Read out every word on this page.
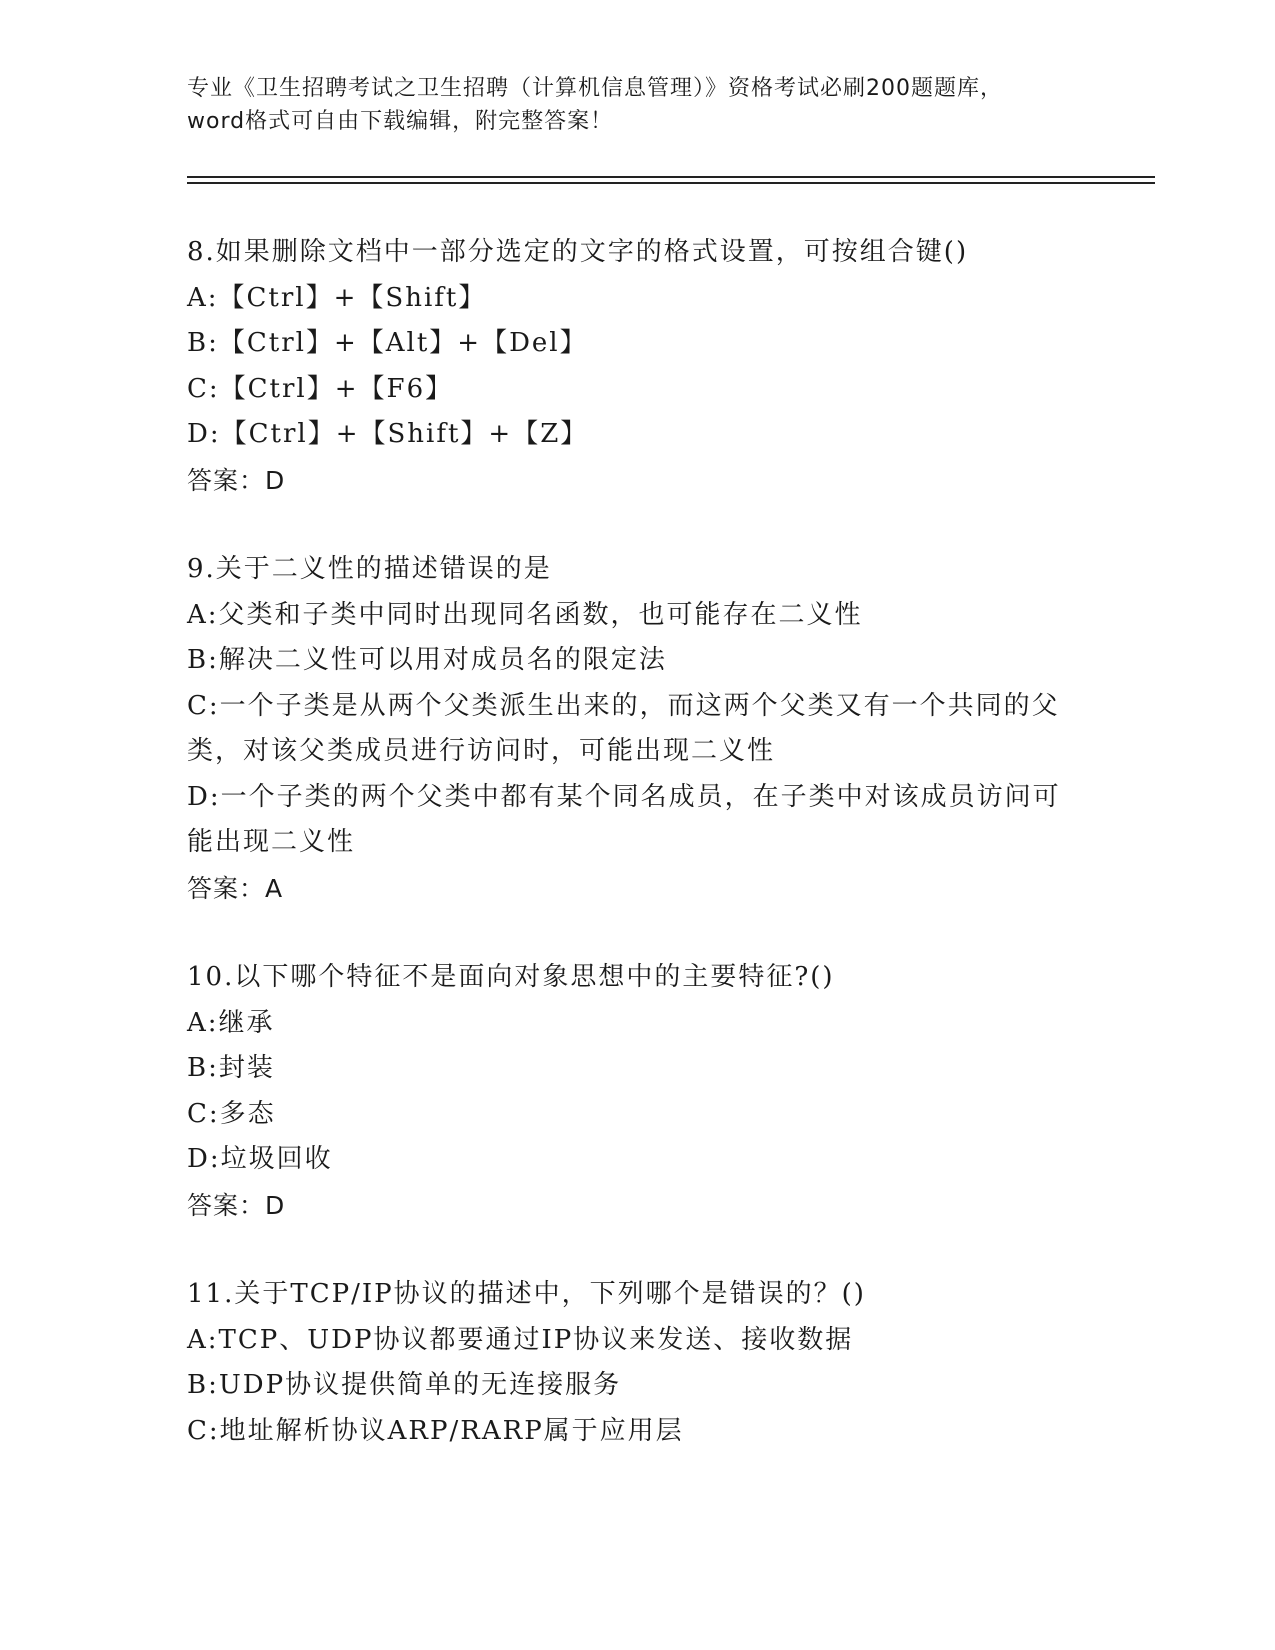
专业《卫生招聘考试之卫生招聘（计算机信息管理）》资格考试必刷200题题库，
word格式可自由下载编辑，附完整答案！
8.如果删除文档中一部分选定的文字的格式设置，可按组合键()
A:【Ctrl】+【Shift】
B:【Ctrl】+【Alt】+【Del】
C:【Ctrl】+【F6】
D:【Ctrl】+【Shift】+【Z】
答案：D
9.关于二义性的描述错误的是
A:父类和子类中同时出现同名函数，也可能存在二义性
B:解决二义性可以用对成员名的限定法
C:一个子类是从两个父类派生出来的，而这两个父类又有一个共同的父类，对该父类成员进行访问时，可能出现二义性
D:一个子类的两个父类中都有某个同名成员，在子类中对该成员访问可能出现二义性
答案：A
10.以下哪个特征不是面向对象思想中的主要特征?()
A:继承
B:封装
C:多态
D:垃圾回收
答案：D
11.关于TCP/IP协议的描述中，下列哪个是错误的？()
A:TCP、UDP协议都要通过IP协议来发送、接收数据
B:UDP协议提供简单的无连接服务
C:地址解析协议ARP/RARP属于应用层
